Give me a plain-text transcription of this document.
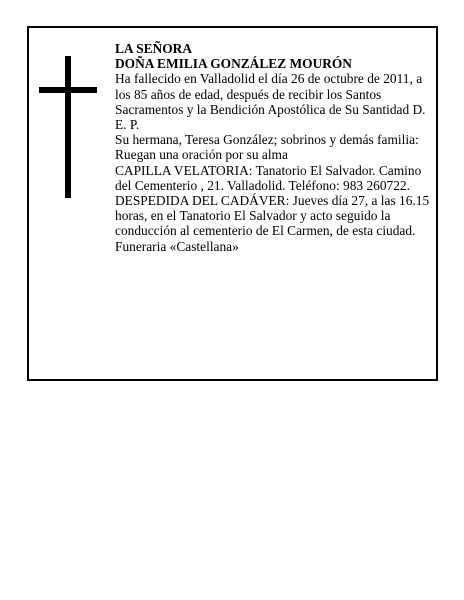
LA SEÑORA

DOÑA EMILIA GONZÁLEZ MOURÓN

Ha fallecido en Valladolid el día 26 de octubre de 2011, a los 85 años de edad, después de recibir los Santos Sacramentos y la Bendición Apostólica de Su Santidad D. E. P.

Su hermana, Teresa González; sobrinos y demás familia:

Ruegan una oración por su alma

CAPILLA VELATORIA: Tanatorio El Salvador. Camino del Cementerio , 21. Valladolid. Teléfono: 983 260722.

DESPEDIDA DEL CADÁVER: Jueves día 27, a las 16.15 horas, en el Tanatorio El Salvador y acto seguido la conducción al cementerio de El Carmen, de esta ciudad.

Funeraria «Castellana»
